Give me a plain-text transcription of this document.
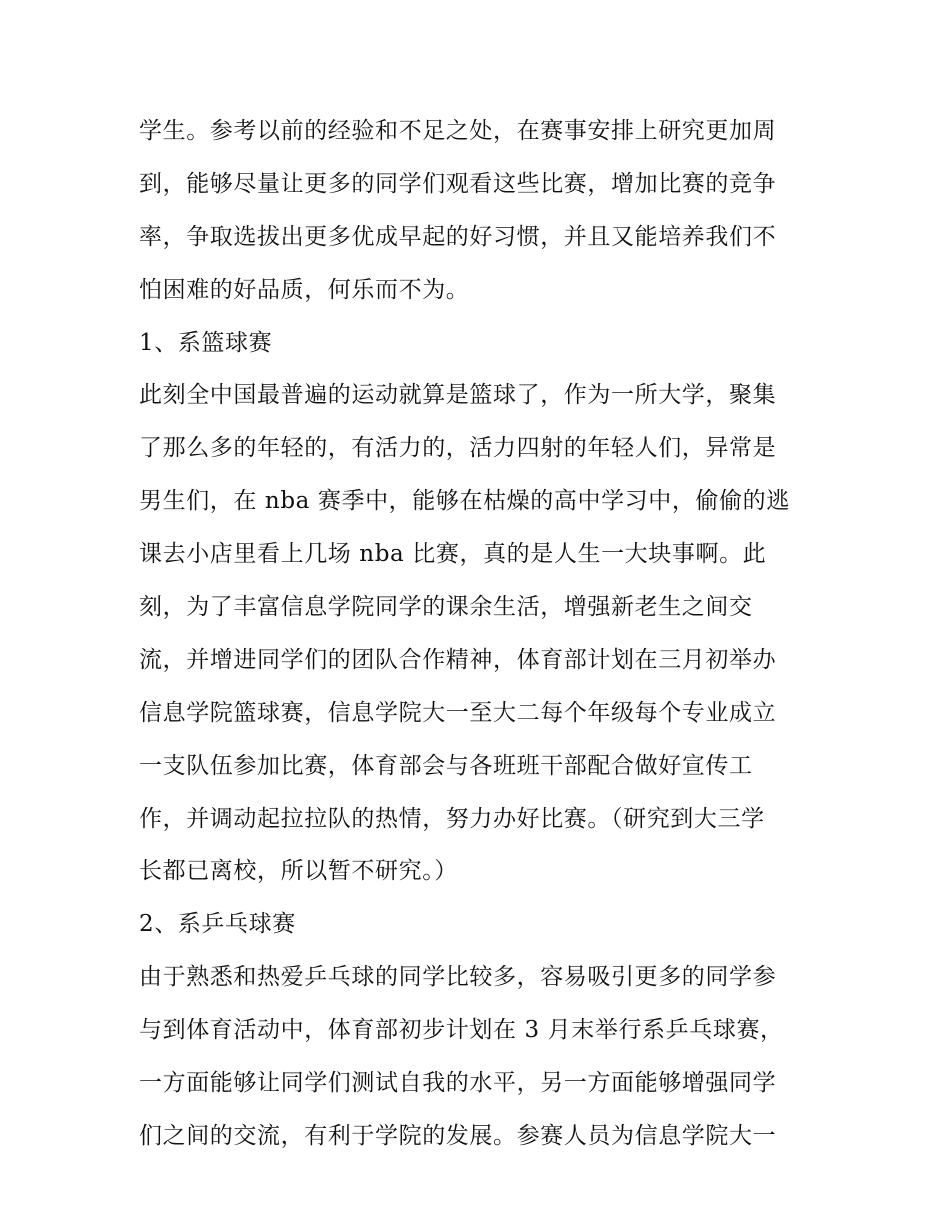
学生。参考以前的经验和不足之处，在赛事安排上研究更加周
到，能够尽量让更多的同学们观看这些比赛，增加比赛的竞争
率，争取选拔出更多优成早起的好习惯，并且又能培养我们不
怕困难的好品质，何乐而不为。
1、系篮球赛
此刻全中国最普遍的运动就算是篮球了，作为一所大学，聚集
了那么多的年轻的，有活力的，活力四射的年轻人们，异常是
男生们，在 nba 赛季中，能够在枯燥的高中学习中，偷偷的逃
课去小店里看上几场 nba 比赛，真的是人生一大块事啊。此
刻，为了丰富信息学院同学的课余生活，增强新老生之间交
流，并增进同学们的团队合作精神，体育部计划在三月初举办
信息学院篮球赛，信息学院大一至大二每个年级每个专业成立
一支队伍参加比赛，体育部会与各班班干部配合做好宣传工
作，并调动起拉拉队的热情，努力办好比赛。（研究到大三学
长都已离校，所以暂不研究。）
2、系乒乓球赛
由于熟悉和热爱乒乓球的同学比较多，容易吸引更多的同学参
与到体育活动中，体育部初步计划在 3 月末举行系乒乓球赛，
一方面能够让同学们测试自我的水平，另一方面能够增强同学
们之间的交流，有利于学院的发展。参赛人员为信息学院大一
